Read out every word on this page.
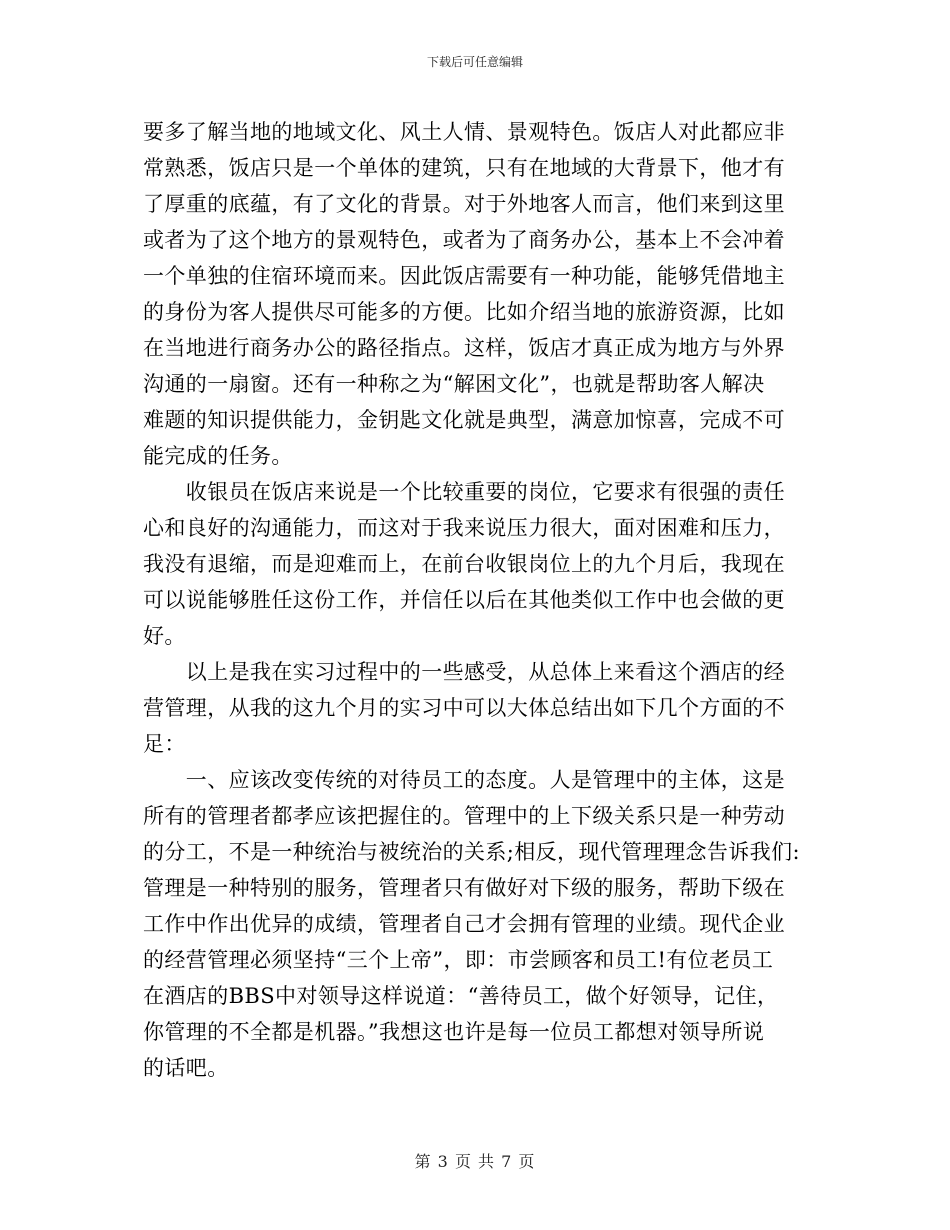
下载后可任意编辑
要多了解当地的地域文化、风土人情、景观特色。饭店人对此都应非
常熟悉，饭店只是一个单体的建筑，只有在地域的大背景下，他才有
了厚重的底蕴，有了文化的背景。对于外地客人而言，他们来到这里
或者为了这个地方的景观特色，或者为了商务办公，基本上不会冲着
一个单独的住宿环境而来。因此饭店需要有一种功能，能够凭借地主
的身份为客人提供尽可能多的方便。比如介绍当地的旅游资源，比如
在当地进行商务办公的路径指点。这样，饭店才真正成为地方与外界
沟通的一扇窗。还有一种称之为“解困文化”，也就是帮助客人解决
难题的知识提供能力，金钥匙文化就是典型，满意加惊喜，完成不可
能完成的任务。
　　收银员在饭店来说是一个比较重要的岗位，它要求有很强的责任
心和良好的沟通能力，而这对于我来说压力很大，面对困难和压力，
我没有退缩，而是迎难而上，在前台收银岗位上的九个月后，我现在
可以说能够胜任这份工作，并信任以后在其他类似工作中也会做的更
好。
　　以上是我在实习过程中的一些感受，从总体上来看这个酒店的经
营管理，从我的这九个月的实习中可以大体总结出如下几个方面的不
足：
　　一、应该改变传统的对待员工的态度。人是管理中的主体，这是
所有的管理者都孝应该把握住的。管理中的上下级关系只是一种劳动
的分工，不是一种统治与被统治的关系;相反，现代管理理念告诉我们:
管理是一种特别的服务，管理者只有做好对下级的服务，帮助下级在
工作中作出优异的成绩，管理者自己才会拥有管理的业绩。现代企业
的经营管理必须坚持“三个上帝”，即：市尝顾客和员工!有位老员工
在酒店的BBS中对领导这样说道：“善待员工，做个好领导，记住，
你管理的不全都是机器。”我想这也许是每一位员工都想对领导所说
的话吧。
第 3 页 共 7 页
